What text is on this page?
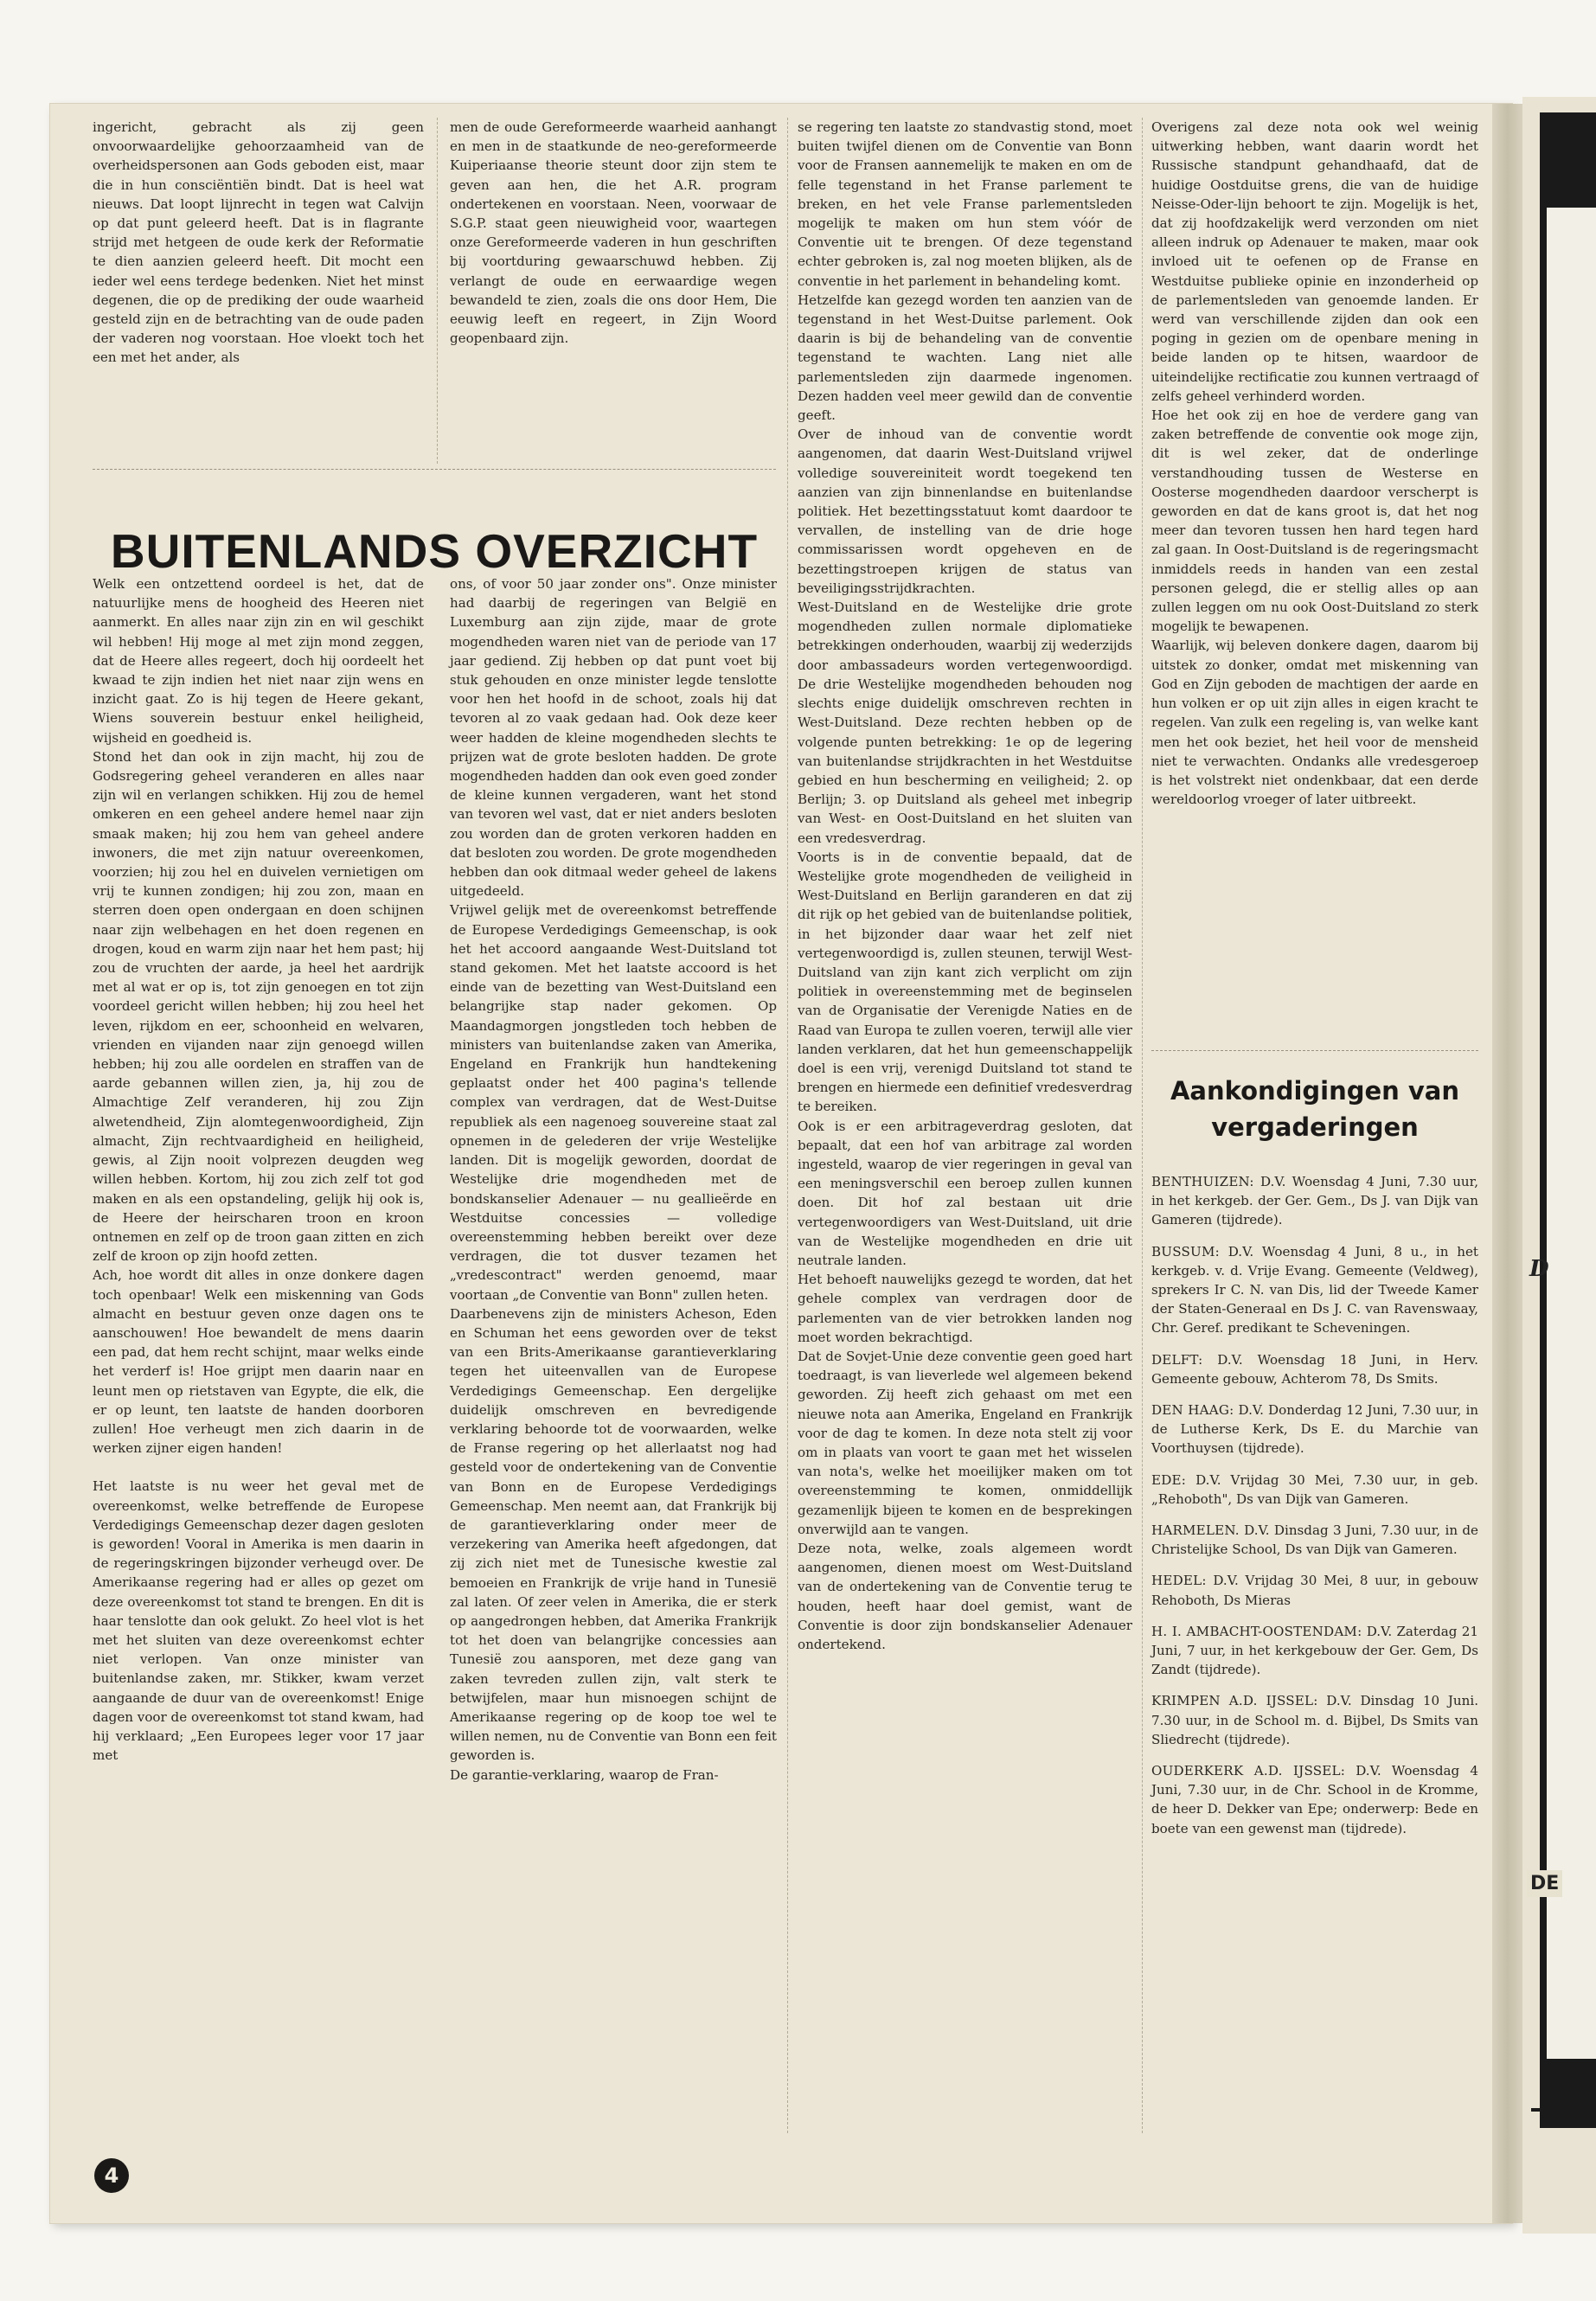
D
DE

ingericht, gebracht als zij geen onvoorwaardelijke gehoorzaamheid van de overheidspersonen aan Gods geboden eist, maar die in hun consciëntiën bindt. Dat is heel wat nieuws. Dat loopt lijnrecht in tegen wat Calvijn op dat punt geleerd heeft. Dat is in flagrante strijd met hetgeen de oude kerk der Reformatie te dien aanzien geleerd heeft. Dit mocht een ieder wel eens terdege bedenken. Niet het minst degenen, die op de prediking der oude waarheid gesteld zijn en de betrachting van de oude paden der vaderen nog voorstaan. Hoe vloekt toch het een met het ander, als

men de oude Gereformeerde waarheid aanhangt en men in de staatkunde de neo-gereformeerde Kuiperiaanse theorie steunt door zijn stem te geven aan hen, die het A.R. program ondertekenen en voorstaan. Neen, voorwaar de S.G.P. staat geen nieuwigheid voor, waartegen onze Gereformeerde vaderen in hun geschriften bij voortduring gewaarschuwd hebben. Zij verlangt de oude en eerwaardige wegen bewandeld te zien, zoals die ons door Hem, Die eeuwig leeft en regeert, in Zijn Woord geopenbaard zijn.

BUITENLANDS OVERZICHT

Welk een ontzettend oordeel is het, dat de natuurlijke mens de hoogheid des Heeren niet aanmerkt. En alles naar zijn zin en wil geschikt wil hebben! Hij moge al met zijn mond zeggen, dat de Heere alles regeert, doch hij oordeelt het kwaad te zijn indien het niet naar zijn wens en inzicht gaat. Zo is hij tegen de Heere gekant, Wiens souverein bestuur enkel heiligheid, wijsheid en goedheid is.

Stond het dan ook in zijn macht, hij zou de Godsregering geheel veranderen en alles naar zijn wil en verlangen schikken. Hij zou de hemel omkeren en een geheel andere hemel naar zijn smaak maken; hij zou hem van geheel andere inwoners, die met zijn natuur overeenkomen, voorzien; hij zou hel en duivelen vernietigen om vrij te kunnen zondigen; hij zou zon, maan en sterren doen open ondergaan en doen schijnen naar zijn welbehagen en het doen regenen en drogen, koud en warm zijn naar het hem past; hij zou de vruchten der aarde, ja heel het aardrijk met al wat er op is, tot zijn genoegen en tot zijn voordeel gericht willen hebben; hij zou heel het leven, rijkdom en eer, schoonheid en welvaren, vrienden en vijanden naar zijn genoegd willen hebben; hij zou alle oordelen en straffen van de aarde gebannen willen zien, ja, hij zou de Almachtige Zelf veranderen, hij zou Zijn alwetendheid, Zijn alomtegenwoordigheid, Zijn almacht, Zijn rechtvaardigheid en heiligheid, gewis, al Zijn nooit volprezen deugden weg willen hebben. Kortom, hij zou zich zelf tot god maken en als een opstandeling, gelijk hij ook is, de Heere der heirscharen troon en kroon ontnemen en zelf op de troon gaan zitten en zich zelf de kroon op zijn hoofd zetten.

Ach, hoe wordt dit alles in onze donkere dagen toch openbaar! Welk een miskenning van Gods almacht en bestuur geven onze dagen ons te aanschouwen! Hoe bewandelt de mens daarin een pad, dat hem recht schijnt, maar welks einde het verderf is! Hoe grijpt men daarin naar en leunt men op rietstaven van Egypte, die elk, die er op leunt, ten laatste de handen doorboren zullen! Hoe verheugt men zich daarin in de werken zijner eigen handen!

Het laatste is nu weer het geval met de overeenkomst, welke betreffende de Europese Verdedigings Gemeenschap dezer dagen gesloten is geworden! Vooral in Amerika is men daarin in de regeringskringen bijzonder verheugd over. De Amerikaanse regering had er alles op gezet om deze overeenkomst tot stand te brengen. En dit is haar tenslotte dan ook gelukt. Zo heel vlot is het met het sluiten van deze overeenkomst echter niet verlopen. Van onze minister van buitenlandse zaken, mr. Stikker, kwam verzet aangaande de duur van de overeenkomst! Enige dagen voor de overeenkomst tot stand kwam, had hij verklaard; „Een Europees leger voor 17 jaar met

ons, of voor 50 jaar zonder ons". Onze minister had daarbij de regeringen van België en Luxemburg aan zijn zijde, maar de grote mogendheden waren niet van de periode van 17 jaar gediend. Zij hebben op dat punt voet bij stuk gehouden en onze minister legde tenslotte voor hen het hoofd in de schoot, zoals hij dat tevoren al zo vaak gedaan had. Ook deze keer weer hadden de kleine mogendheden slechts te prijzen wat de grote besloten hadden. De grote mogendheden hadden dan ook even goed zonder de kleine kunnen vergaderen, want het stond van tevoren wel vast, dat er niet anders besloten zou worden dan de groten verkoren hadden en dat besloten zou worden. De grote mogendheden hebben dan ook ditmaal weder geheel de lakens uitgedeeld.

Vrijwel gelijk met de overeenkomst betreffende de Europese Verdedigings Gemeenschap, is ook het het accoord aangaande West-Duitsland tot stand gekomen. Met het laatste accoord is het einde van de bezetting van West-Duitsland een belangrijke stap nader gekomen. Op Maandagmorgen jongstleden toch hebben de ministers van buitenlandse zaken van Amerika, Engeland en Frankrijk hun handtekening geplaatst onder het 400 pagina's tellende complex van verdragen, dat de West-Duitse republiek als een nagenoeg souvereine staat zal opnemen in de gelederen der vrije Westelijke landen. Dit is mogelijk geworden, doordat de Westelijke drie mogendheden met de bondskanselier Adenauer — nu geallieërde en Westduitse concessies — volledige overeenstemming hebben bereikt over deze verdragen, die tot dusver tezamen het „vredescontract" werden genoemd, maar voortaan „de Conventie van Bonn" zullen heten.

Daarbenevens zijn de ministers Acheson, Eden en Schuman het eens geworden over de tekst van een Brits-Amerikaanse garantieverklaring tegen het uiteenvallen van de Europese Verdedigings Gemeenschap. Een dergelijke duidelijk omschreven en bevredigende verklaring behoorde tot de voorwaarden, welke de Franse regering op het allerlaatst nog had gesteld voor de ondertekening van de Conventie van Bonn en de Europese Verdedigings Gemeenschap. Men neemt aan, dat Frankrijk bij de garantieverklaring onder meer de verzekering van Amerika heeft afgedongen, dat zij zich niet met de Tunesische kwestie zal bemoeien en Frankrijk de vrije hand in Tunesië zal laten. Of zeer velen in Amerika, die er sterk op aangedrongen hebben, dat Amerika Frankrijk tot het doen van belangrijke concessies aan Tunesië zou aansporen, met deze gang van zaken tevreden zullen zijn, valt sterk te betwijfelen, maar hun misnoegen schijnt de Amerikaanse regering op de koop toe wel te willen nemen, nu de Conventie van Bonn een feit geworden is.

De garantie-verklaring, waarop de Fran-

se regering ten laatste zo standvastig stond, moet buiten twijfel dienen om de Conventie van Bonn voor de Fransen aannemelijk te maken en om de felle tegenstand in het Franse parlement te breken, en het vele Franse parlementsleden mogelijk te maken om hun stem vóór de Conventie uit te brengen. Of deze tegenstand echter gebroken is, zal nog moeten blijken, als de conventie in het parlement in behandeling komt.

Hetzelfde kan gezegd worden ten aanzien van de tegenstand in het West-Duitse parlement. Ook daarin is bij de behandeling van de conventie tegenstand te wachten. Lang niet alle parlementsleden zijn daarmede ingenomen. Dezen hadden veel meer gewild dan de conventie geeft.

Over de inhoud van de conventie wordt aangenomen, dat daarin West-Duitsland vrijwel volledige souvereiniteit wordt toegekend ten aanzien van zijn binnenlandse en buitenlandse politiek. Het bezettingsstatuut komt daardoor te vervallen, de instelling van de drie hoge commissarissen wordt opgeheven en de bezettingstroepen krijgen de status van beveiligingsstrijdkrachten.

West-Duitsland en de Westelijke drie grote mogendheden zullen normale diplomatieke betrekkingen onderhouden, waarbij zij wederzijds door ambassadeurs worden vertegenwoordigd. De drie Westelijke mogendheden behouden nog slechts enige duidelijk omschreven rechten in West-Duitsland. Deze rechten hebben op de volgende punten betrekking: 1e op de legering van buitenlandse strijdkrachten in het Westduitse gebied en hun bescherming en veiligheid; 2. op Berlijn; 3. op Duitsland als geheel met inbegrip van West- en Oost-Duitsland en het sluiten van een vredesverdrag.

Voorts is in de conventie bepaald, dat de Westelijke grote mogendheden de veiligheid in West-Duitsland en Berlijn garanderen en dat zij dit rijk op het gebied van de buitenlandse politiek, in het bijzonder daar waar het zelf niet vertegenwoordigd is, zullen steunen, terwijl West-Duitsland van zijn kant zich verplicht om zijn politiek in overeenstemming met de beginselen van de Organisatie der Verenigde Naties en de Raad van Europa te zullen voeren, terwijl alle vier landen verklaren, dat het hun gemeenschappelijk doel is een vrij, verenigd Duitsland tot stand te brengen en hiermede een definitief vredesverdrag te bereiken.

Ook is er een arbitrageverdrag gesloten, dat bepaalt, dat een hof van arbitrage zal worden ingesteld, waarop de vier regeringen in geval van een meningsverschil een beroep zullen kunnen doen. Dit hof zal bestaan uit drie vertegenwoordigers van West-Duitsland, uit drie van de Westelijke mogendheden en drie uit neutrale landen.

Het behoeft nauwelijks gezegd te worden, dat het gehele complex van verdragen door de parlementen van de vier betrokken landen nog moet worden bekrachtigd.

Dat de Sovjet-Unie deze conventie geen goed hart toedraagt, is van lieverlede wel algemeen bekend geworden. Zij heeft zich gehaast om met een nieuwe nota aan Amerika, Engeland en Frankrijk voor de dag te komen. In deze nota stelt zij voor om in plaats van voort te gaan met het wisselen van nota's, welke het moeilijker maken om tot overeenstemming te komen, onmiddellijk gezamenlijk bijeen te komen en de besprekingen onverwijld aan te vangen.

Deze nota, welke, zoals algemeen wordt aangenomen, dienen moest om West-Duitsland van de ondertekening van de Conventie terug te houden, heeft haar doel gemist, want de Conventie is door zijn bondskanselier Adenauer ondertekend.

Overigens zal deze nota ook wel weinig uitwerking hebben, want daarin wordt het Russische standpunt gehandhaafd, dat de huidige Oostduitse grens, die van de huidige Neisse-Oder-lijn behoort te zijn. Mogelijk is het, dat zij hoofdzakelijk werd verzonden om niet alleen indruk op Adenauer te maken, maar ook invloed uit te oefenen op de Franse en Westduitse publieke opinie en inzonderheid op de parlementsleden van genoemde landen. Er werd van verschillende zijden dan ook een poging in gezien om de openbare mening in beide landen op te hitsen, waardoor de uiteindelijke rectificatie zou kunnen vertraagd of zelfs geheel verhinderd worden.

Hoe het ook zij en hoe de verdere gang van zaken betreffende de conventie ook moge zijn, dit is wel zeker, dat de onderlinge verstandhouding tussen de Westerse en Oosterse mogendheden daardoor verscherpt is geworden en dat de kans groot is, dat het nog meer dan tevoren tussen hen hard tegen hard zal gaan. In Oost-Duitsland is de regeringsmacht inmiddels reeds in handen van een zestal personen gelegd, die er stellig alles op aan zullen leggen om nu ook Oost-Duitsland zo sterk mogelijk te bewapenen.

Waarlijk, wij beleven donkere dagen, daarom bij uitstek zo donker, omdat met miskenning van God en Zijn geboden de machtigen der aarde en hun volken er op uit zijn alles in eigen kracht te regelen. Van zulk een regeling is, van welke kant men het ook beziet, het heil voor de mensheid niet te verwachten. Ondanks alle vredesgeroep is het volstrekt niet ondenkbaar, dat een derde wereldoorlog vroeger of later uitbreekt.

Aankondigingen van
vergaderingen

BENTHUIZEN: D.V. Woensdag 4 Juni, 7.30 uur, in het kerkgeb. der Ger. Gem., Ds J. van Dijk van Gameren (tijdrede).

BUSSUM: D.V. Woensdag 4 Juni, 8 u., in het kerkgeb. v. d. Vrije Evang. Gemeente (Veldweg), sprekers Ir C. N. van Dis, lid der Tweede Kamer der Staten-Generaal en Ds J. C. van Ravenswaay, Chr. Geref. predikant te Scheveningen.

DELFT: D.V. Woensdag 18 Juni, in Herv. Gemeente gebouw, Achterom 78, Ds Smits.

DEN HAAG: D.V. Donderdag 12 Juni, 7.30 uur, in de Lutherse Kerk, Ds E. du Marchie van Voorthuysen (tijdrede).

EDE: D.V. Vrijdag 30 Mei, 7.30 uur, in geb. „Rehoboth", Ds van Dijk van Gameren.

HARMELEN. D.V. Dinsdag 3 Juni, 7.30 uur, in de Christelijke School, Ds van Dijk van Gameren.

HEDEL: D.V. Vrijdag 30 Mei, 8 uur, in gebouw Rehoboth, Ds Mieras

H. I. AMBACHT-OOSTENDAM: D.V. Zaterdag 21 Juni, 7 uur, in het kerkgebouw der Ger. Gem, Ds Zandt (tijdrede).

KRIMPEN A.D. IJSSEL: D.V. Dinsdag 10 Juni. 7.30 uur, in de School m. d. Bijbel, Ds Smits van Sliedrecht (tijdrede).

OUDERKERK A.D. IJSSEL: D.V. Woensdag 4 Juni, 7.30 uur, in de Chr. School in de Kromme, de heer D. Dekker van Epe; onderwerp: Bede en boete van een gewenst man (tijdrede).

4
